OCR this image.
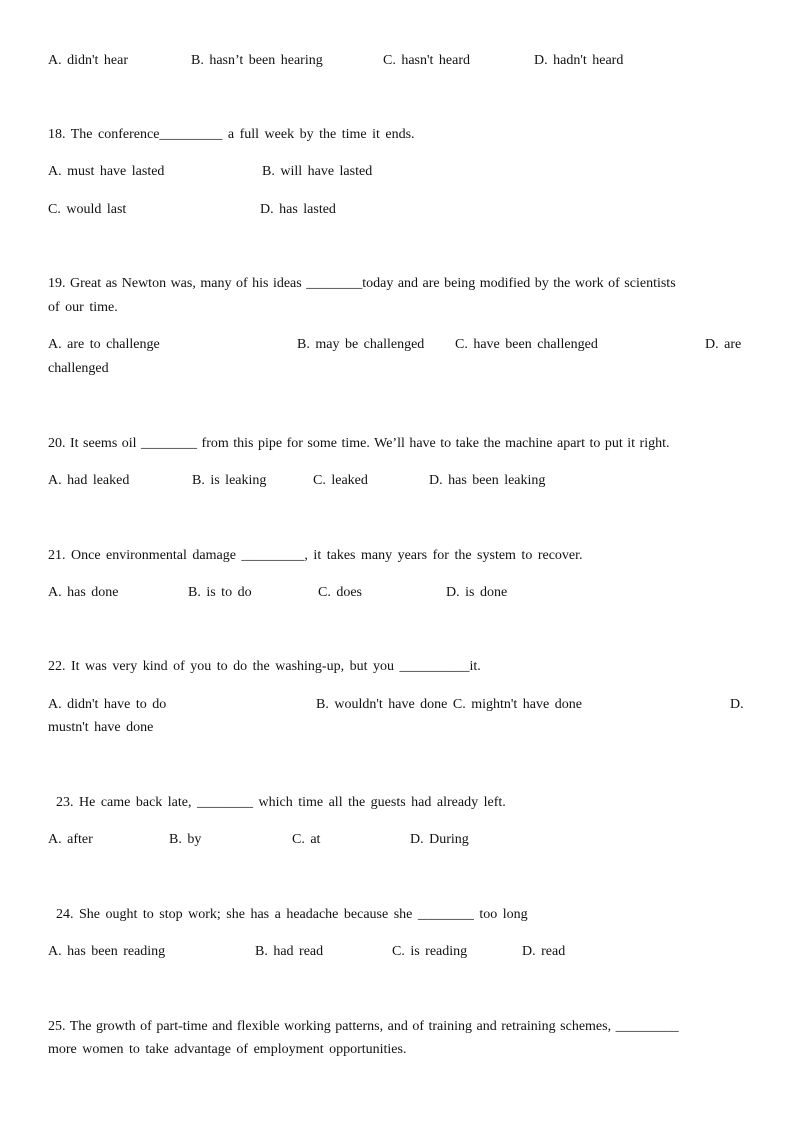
A. didn't hear	B. hasn’t been hearing	C. hasn't heard	D. hadn't heard
18. The conference_________ a full week by the time it ends.
A. must have lasted	B. will have lasted
C. would last	D. has lasted
19. Great as Newton was, many of his ideas ________today and are being modified by the work of scientists
of our time.
A. are to challenge	B. may be challenged C. have been challenged	D. are
challenged
20. It seems oil ________ from this pipe for some time. We’ll have to take the machine apart to put it right.
A. had leaked	B. is leaking	C. leaked	D. has been leaking
21. Once environmental damage _________, it takes many years for the system to recover.
A. has done	B. is to do	C. does	D. is done
22. It was very kind of you to do the washing-up, but you __________it.
A. didn't have to do	B. wouldn't have done C. mightn't have done	D.
mustn't have done
23. He came back late, ________ which time all the guests had already left.
A. after	B. by	C. at	D. During
24. She ought to stop work; she has a headache because she ________ too long
A. has been reading	B. had read	C. is reading	D. read
25. The growth of part-time and flexible working patterns, and of training and retraining schemes, _________
more women to take advantage of employment opportunities.
